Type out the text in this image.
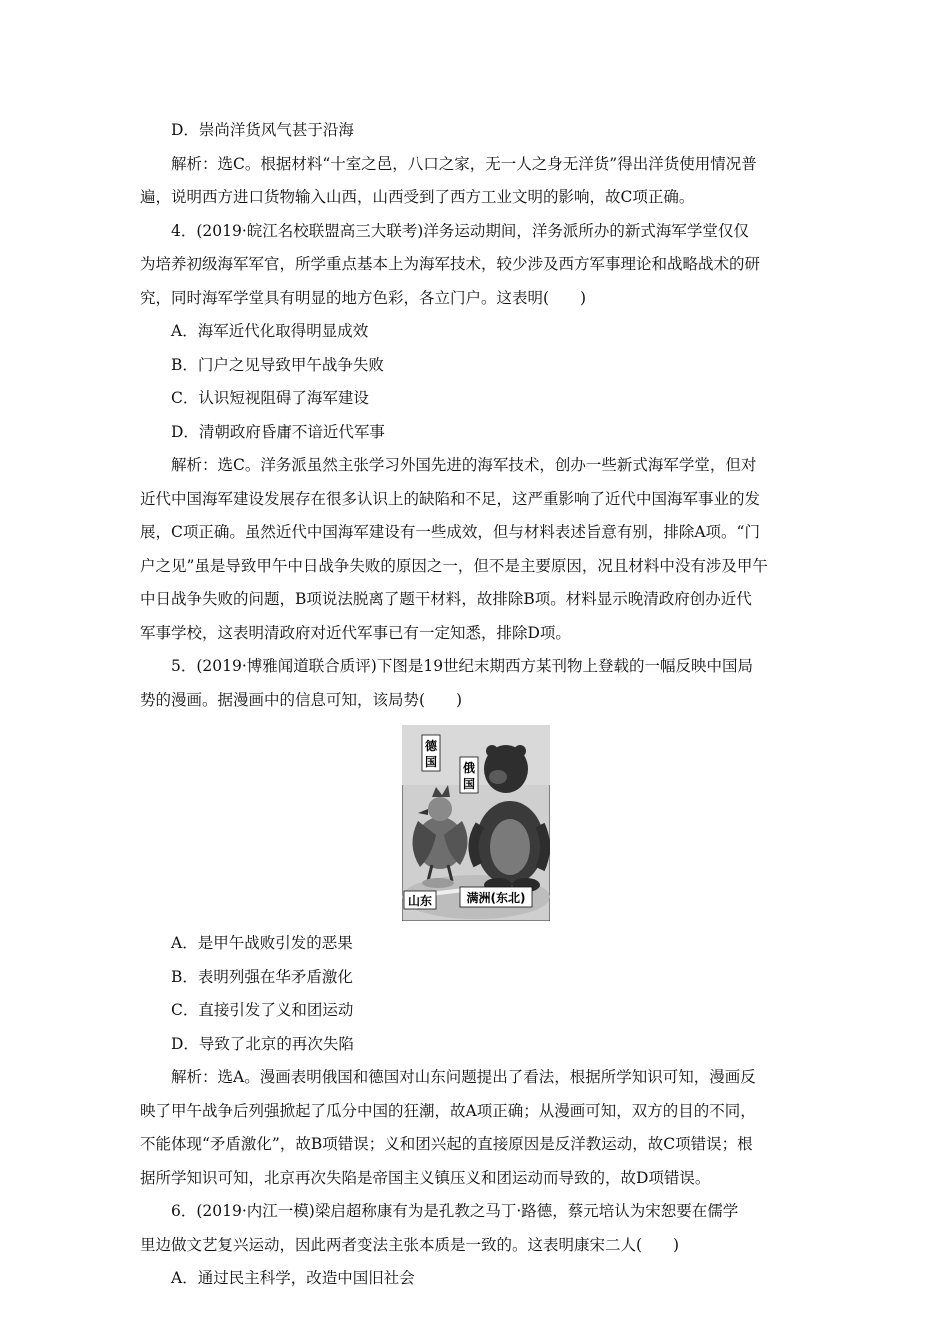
D．崇尚洋货风气甚于沿海

解析：选C。根据材料“十室之邑，八口之家，无一人之身无洋货”得出洋货使用情况普

遍，说明西方进口货物输入山西，山西受到了西方工业文明的影响，故C项正确。

4．(2019·皖江名校联盟高三大联考)洋务运动期间，洋务派所办的新式海军学堂仅仅

为培养初级海军军官，所学重点基本上为海军技术，较少涉及西方军事理论和战略战术的研

究，同时海军学堂具有明显的地方色彩，各立门户。这表明(　　)

A．海军近代化取得明显成效

B．门户之见导致甲午战争失败

C．认识短视阻碍了海军建设

D．清朝政府昏庸不谙近代军事

解析：选C。洋务派虽然主张学习外国先进的海军技术，创办一些新式海军学堂，但对

近代中国海军建设发展存在很多认识上的缺陷和不足，这严重影响了近代中国海军事业的发

展，C项正确。虽然近代中国海军建设有一些成效，但与材料表述旨意有别，排除A项。“门

户之见”虽是导致甲午中日战争失败的原因之一，但不是主要原因，况且材料中没有涉及甲午

中日战争失败的问题，B项说法脱离了题干材料，故排除B项。材料显示晚清政府创办近代

军事学校，这表明清政府对近代军事已有一定知悉，排除D项。

5．(2019·博雅闻道联合质评)下图是19世纪末期西方某刊物上登载的一幅反映中国局

势的漫画。据漫画中的信息可知，该局势(　　)

德
国 俄
国
山东	满洲(东北)

A．是甲午战败引发的恶果

B．表明列强在华矛盾激化

C．直接引发了义和团运动

D．导致了北京的再次失陷

解析：选A。漫画表明俄国和德国对山东问题提出了看法，根据所学知识可知，漫画反

映了甲午战争后列强掀起了瓜分中国的狂潮，故A项正确；从漫画可知，双方的目的不同，

不能体现“矛盾激化”，故B项错误；义和团兴起的直接原因是反洋教运动，故C项错误；根

据所学知识可知，北京再次失陷是帝国主义镇压义和团运动而导致的，故D项错误。

6．(2019·内江一模)梁启超称康有为是孔教之马丁·路德，蔡元培认为宋恕要在儒学

里边做文艺复兴运动，因此两者变法主张本质是一致的。这表明康宋二人(　　)

A．通过民主科学，改造中国旧社会
